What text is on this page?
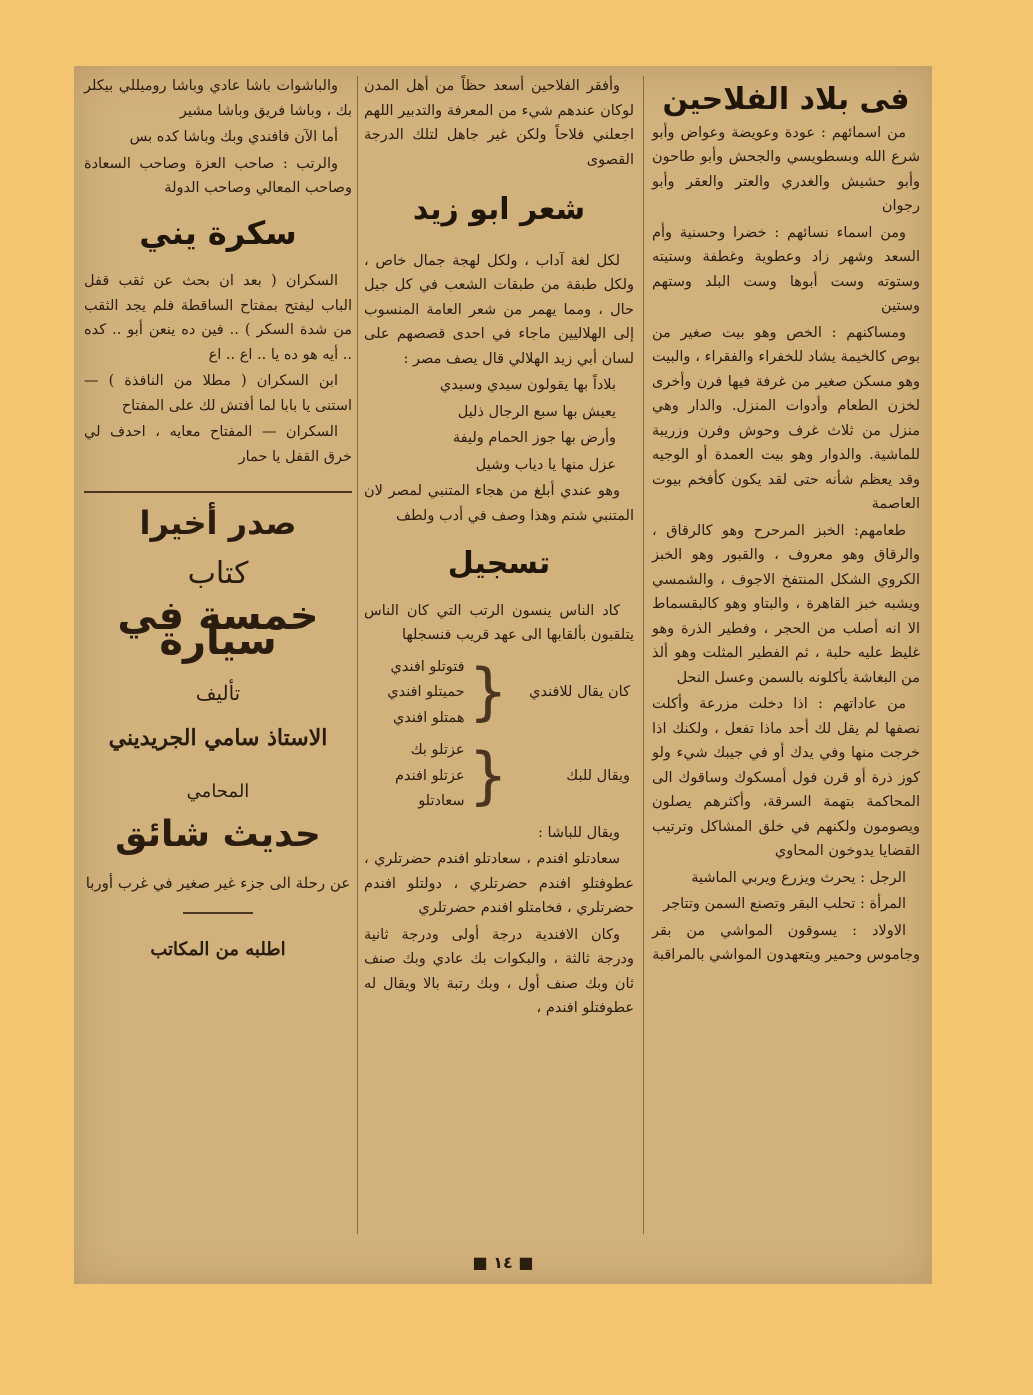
فى بلاد الفلاحين

من اسمائهم : عودة وعويضة وعواض وأبو شرع الله وبسطويسي والجحش وأبو طاحون وأبو حشيش والغدري والعتر والعقر وأبو رجوان

ومن اسماء نسائهم : خضرا وحسنية وأم السعد وشهر زاد وعطوية وغطفة وستيته وستوته وست أبوها وست البلد وستهم وستين

ومساكنهم : الخص وهو بيت صغير من بوص كالخيمة يشاد للخفراء والفقراء ، والبيت وهو مسكن صغير من غرفة فيها فرن وأخرى لخزن الطعام وأدوات المنزل. والدار وهي منزل من ثلاث غرف وحوش وفرن وزريبة للماشية. والدوار وهو بيت العمدة أو الوجيه وقد يعظم شأنه حتى لقد يكون كأفخم بيوت العاصمة

طعامهم: الخبز المرحرح وهو كالرقاق ، والرقاق وهو معروف ، والقبور وهو الخبز الكروي الشكل المنتفخ الاجوف ، والشمسي ويشبه خبز القاهرة ، والبتاو وهو كالبقسماط الا انه أصلب من الحجر ، وفطير الذرة وهو غليظ عليه حلبة ، ثم الفطير المثلت وهو ألذ من البغاشة يأكلونه بالسمن وعسل النحل

من عاداتهم : اذا دخلت مزرعة وأكلت نصفها لم يقل لك أحد ماذا تفعل ، ولكنك اذا خرجت منها وفي يدك أو في جيبك شيء ولو كوز ذرة أو قرن فول أمسكوك وساقوك الى المحاكمة بتهمة السرقة، وأكثرهم يصلون ويصومون ولكنهم في خلق المشاكل وترتيب القضايا يدوخون المحاوي

الرجل : يحرث ويزرع ويربي الماشية

المرأة : تحلب البقر وتصنع السمن وتتاجر

الاولاد : يسوقون المواشي من بقر وجاموس وحمير ويتعهدون المواشي بالمراقبة

وأفقر الفلاحين أسعد حظاً من أهل المدن لوكان عندهم شيء من المعرفة والتدبير اللهم اجعلني فلاحاً ولكن غير جاهل لتلك الدرجة القصوى

شعر ابو زيد

لكل لغة آداب ، ولكل لهجة جمال خاص ، ولكل طبقة من طبقات الشعب في كل جيل حال ، ومما يهمر من شعر العامة المنسوب إلى الهلاليين ماجاء في احدى قصصهم على لسان أبي زيد الهلالي قال يصف مصر :

بلاداً بها يقولون سيدي وسيدي
يعيش بها سبع الرجال ذليل
وأرض بها جوز الحمام وليفة
عزل منها يا دياب وشيل

وهو عندي أبلغ من هجاء المتنبي لمصر لان المتنبي شتم وهذا وصف في أدب ولطف

تسجيل

كاد الناس ينسون الرتب التي كان الناس يتلقبون بألقابها الى عهد قريب فنسجلها

كان يقال للافندي
{
فتوتلو افندي
حميتلو افندي
همتلو افندي
ويقال للبك
{
عزتلو بك
عزتلو افندم
سعادتلو

ويقال للباشا :

سعادتلو افندم ، سعادتلو افندم حضرتلري ، عطوفتلو افندم حضرتلري ، دولتلو افندم حضرتلري ، فخامتلو افندم حضرتلري

وكان الافندية درجة أولى ودرجة ثانية ودرجة ثالثة ، والبكوات بك عادي وبك صنف ثان وبك صنف أول ، وبك رتبة بالا ويقال له عطوفتلو افندم ،

والباشوات باشا عادي وباشا روميللي بيكلر بك ، وباشا فريق وباشا مشير

أما الآن فافندي وبك وباشا كده بس

والرتب : صاحب العزة وصاحب السعادة وصاحب المعالي وصاحب الدولة

سكرة يني

السكران ( بعد ان بحث عن ثقب قفل الباب ليفتح بمفتاح الساقطة فلم يجد الثقب من شدة السكر ) .. فين ده ينعن أبو .. كده .. أيه هو ده يا .. اع .. اع

ابن السكران ( مطلا من النافذة ) — استنى يا بابا لما أفتش لك على المفتاح

السكران — المفتاح معايه ، احدف لي خرق القفل يا حمار

صدر أخيرا
كتاب
خمسة في سيارة
تأليف
الاستاذ سامي الجريديني
المحامي
حديث شائق
عن رحلة الى جزء غير صغير في غرب أوربا
اطلبه من المكاتب
■ ١٤ ■
